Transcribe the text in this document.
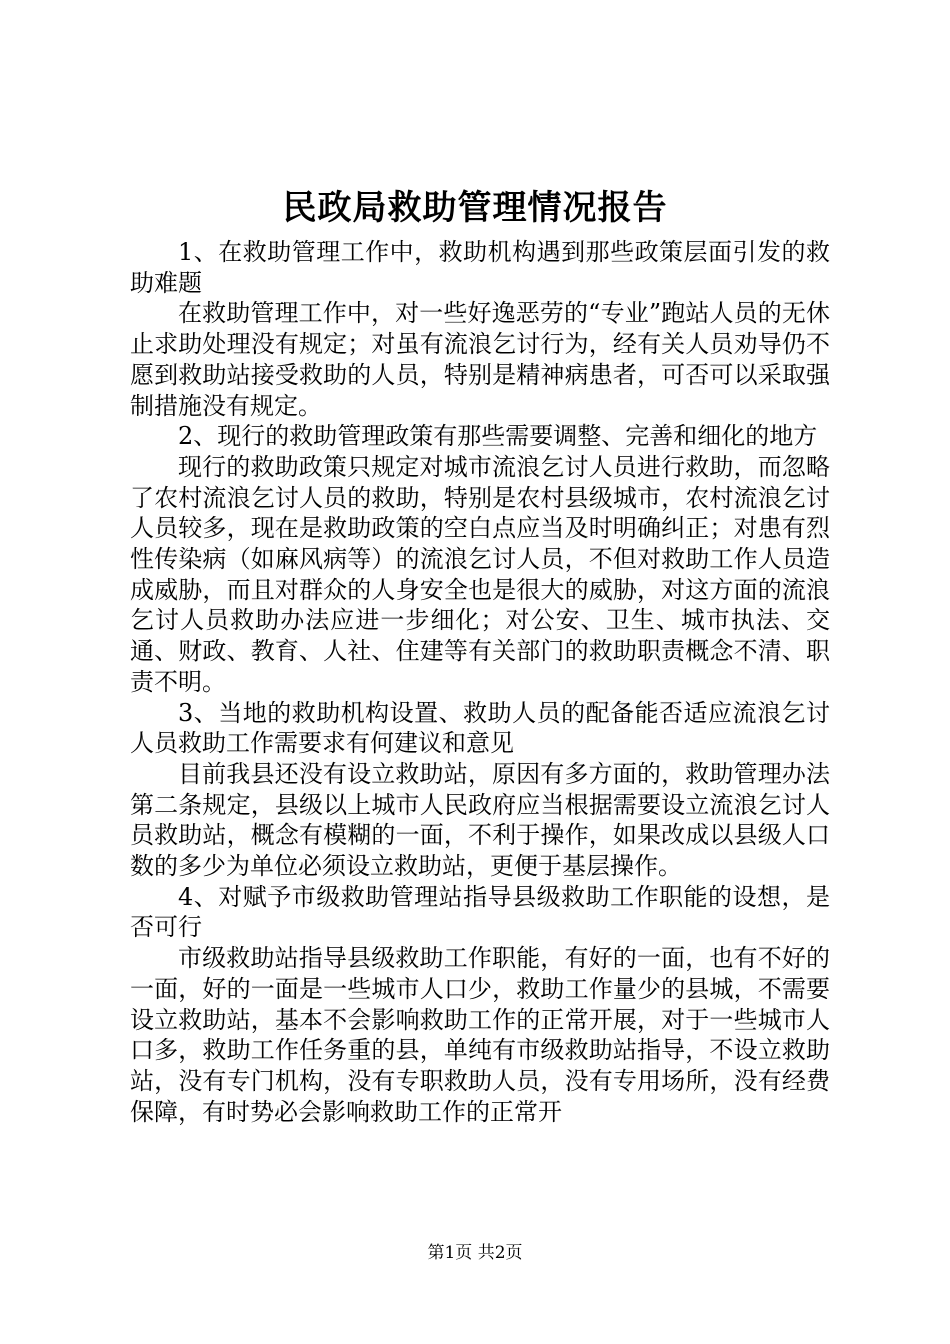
民政局救助管理情况报告

1、在救助管理工作中，救助机构遇到那些政策层面引发的救助难题

在救助管理工作中，对一些好逸恶劳的“专业”跑站人员的无休止求助处理没有规定；对虽有流浪乞讨行为，经有关人员劝导仍不愿到救助站接受救助的人员，特别是精神病患者，可否可以采取强制措施没有规定。

2、现行的救助管理政策有那些需要调整、完善和细化的地方

现行的救助政策只规定对城市流浪乞讨人员进行救助，而忽略了农村流浪乞讨人员的救助，特别是农村县级城市，农村流浪乞讨人员较多，现在是救助政策的空白点应当及时明确纠正；对患有烈性传染病（如麻风病等）的流浪乞讨人员，不但对救助工作人员造成威胁，而且对群众的人身安全也是很大的威胁，对这方面的流浪乞讨人员救助办法应进一步细化；对公安、卫生、城市执法、交通、财政、教育、人社、住建等有关部门的救助职责概念不清、职责不明。

3、当地的救助机构设置、救助人员的配备能否适应流浪乞讨人员救助工作需要求有何建议和意见

目前我县还没有设立救助站，原因有多方面的，救助管理办法第二条规定，县级以上城市人民政府应当根据需要设立流浪乞讨人员救助站，概念有模糊的一面，不利于操作，如果改成以县级人口数的多少为单位必须设立救助站，更便于基层操作。

4、对赋予市级救助管理站指导县级救助工作职能的设想，是否可行

市级救助站指导县级救助工作职能，有好的一面，也有不好的一面，好的一面是一些城市人口少，救助工作量少的县城，不需要设立救助站，基本不会影响救助工作的正常开展，对于一些城市人口多，救助工作任务重的县，单纯有市级救助站指导，不设立救助站，没有专门机构，没有专职救助人员，没有专用场所，没有经费保障，有时势必会影响救助工作的正常开

第1页 共2页
